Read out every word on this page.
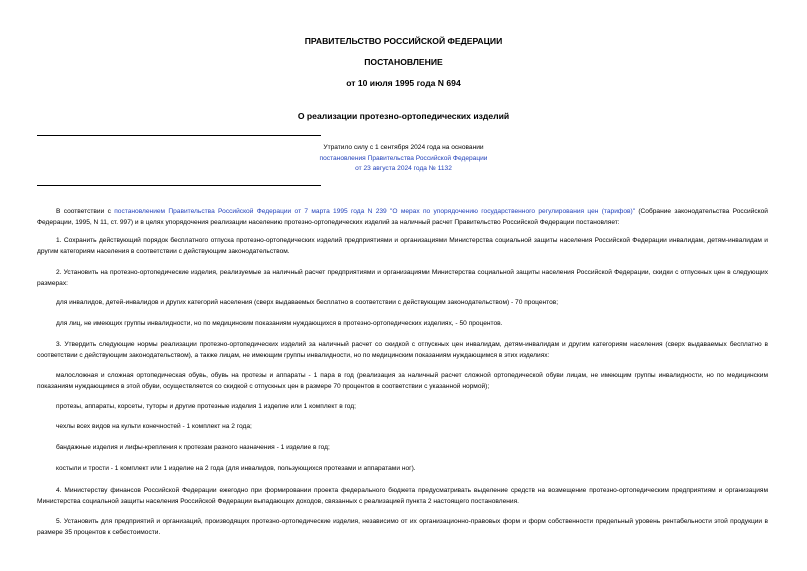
ПРАВИТЕЛЬСТВО РОССИЙСКОЙ ФЕДЕРАЦИИ
ПОСТАНОВЛЕНИЕ
от 10 июля 1995 года N 694
О реализации протезно-ортопедических изделий
Утратило силу с 1 сентября 2024 года на основании
постановления Правительства Российской Федерации
от 23 августа 2024 года № 1132

В соответствии с постановлением Правительства Российской Федерации от 7 марта 1995 года N 239 "О мерах по упорядочению государственного регулирования цен (тарифов)" (Собрание законодательства Российской Федерации, 1995, N 11, ст. 997) и в целях упорядочения реализации населению протезно-ортопедических изделий за наличный расчет Правительство Российской Федерации постановляет:

1. Сохранить действующий порядок бесплатного отпуска протезно-ортопедических изделий предприятиями и организациями Министерства социальной защиты населения Российской Федерации инвалидам, детям-инвалидам и другим категориям населения в соответствии с действующим законодательством.

2. Установить на протезно-ортопедические изделия, реализуемые за наличный расчет предприятиями и организациями Министерства социальной защиты населения Российской Федерации, скидки с отпускных цен в следующих размерах:

для инвалидов, детей-инвалидов и других категорий населения (сверх выдаваемых бесплатно в соответствии с действующим законодательством) - 70 процентов;

для лиц, не имеющих группы инвалидности, но по медицинским показаниям нуждающихся в протезно-ортопедических изделиях, - 50 процентов.

3. Утвердить следующие нормы реализации протезно-ортопедических изделий за наличный расчет со скидкой с отпускных цен инвалидам, детям-инвалидам и другим категориям населения (сверх выдаваемых бесплатно в соответствии с действующим законодательством), а также лицам, не имеющим группы инвалидности, но по медицинским показаниям нуждающимся в этих изделиях:

малосложная и сложная ортопедическая обувь, обувь на протезы и аппараты - 1 пара в год (реализация за наличный расчет сложной ортопедической обуви лицам, не имеющим группы инвалидности, но по медицинским показаниям нуждающимся в этой обуви, осуществляется со скидкой с отпускных цен в размере 70 процентов в соответствии с указанной нормой);

протезы, аппараты, корсеты, туторы и другие протезные изделия 1 изделие или 1 комплект в год;

чехлы всех видов на культи конечностей - 1 комплект на 2 года;

бандажные изделия и лифы-крепления к протезам разного назначения - 1 изделие в год;

костыли и трости - 1 комплект или 1 изделие на 2 года (для инвалидов, пользующихся протезами и аппаратами ног).

4. Министерству финансов Российской Федерации ежегодно при формировании проекта федерального бюджета предусматривать выделение средств на возмещение протезно-ортопедическим предприятиям и организациям Министерства социальной защиты населения Российской Федерации выпадающих доходов, связанных с реализацией пункта 2 настоящего постановления.

5. Установить для предприятий и организаций, производящих протезно-ортопедические изделия, независимо от их организационно-правовых форм и форм собственности предельный уровень рентабельности этой продукции в размере 35 процентов к себестоимости.
